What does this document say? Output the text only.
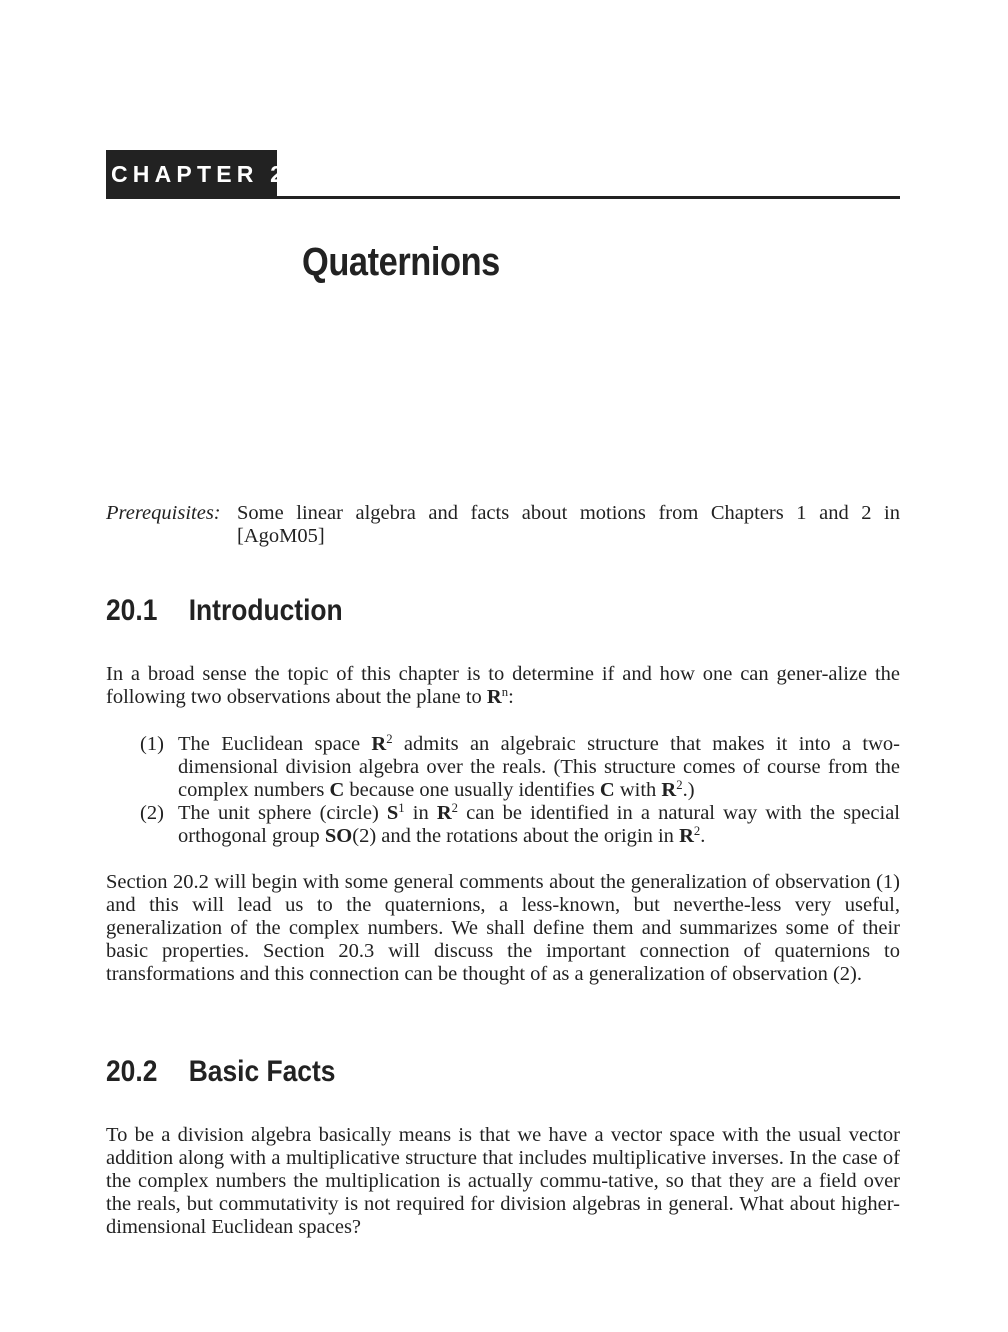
CHAPTER 20
Quaternions
Prerequisites: Some linear algebra and facts about motions from Chapters 1 and 2 in [AgoM05]
20.1 Introduction

In a broad sense the topic of this chapter is to determine if and how one can gener-alize the following two observations about the plane to $R^n$:

(1) The Euclidean space $R^2$ admits an algebraic structure that makes it into a two-dimensional division algebra over the reals. (This structure comes of course from the complex numbers C because one usually identifies C with $R^2$.)
(2) The unit sphere (circle) $S^1$ in $R^2$ can be identified in a natural way with the special orthogonal group SO(2) and the rotations about the origin in $R^2$.

Section 20.2 will begin with some general comments about the generalization of observation (1) and this will lead us to the quaternions, a less-known, but neverthe-less very useful, generalization of the complex numbers. We shall define them and summarizes some of their basic properties. Section 20.3 will discuss the important connection of quaternions to transformations and this connection can be thought of as a generalization of observation (2).

20.2 Basic Facts

To be a division algebra basically means is that we have a vector space with the usual vector addition along with a multiplicative structure that includes multiplicative inverses. In the case of the complex numbers the multiplication is actually commu-tative, so that they are a field over the reals, but commutativity is not required for division algebras in general. What about higher-dimensional Euclidean spaces?
